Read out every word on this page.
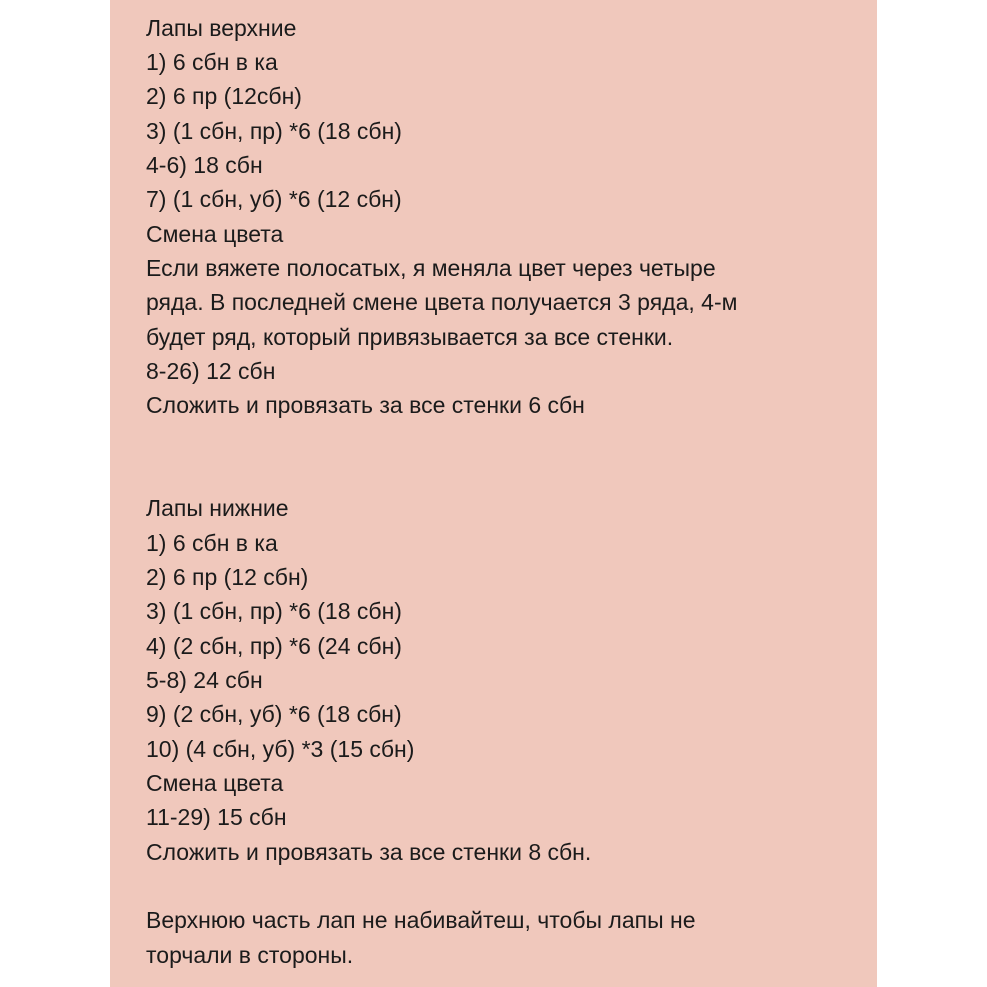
Лапы верхние
1) 6 сбн в ка
2) 6 пр (12сбн)
3) (1 сбн, пр) *6 (18 сбн)
4-6) 18 сбн
7) (1 сбн, уб) *6 (12 сбн)
Смена цвета
Если вяжете полосатых, я меняла цвет через четыре
ряда. В последней смене цвета получается 3 ряда, 4-м
будет ряд, который привязывается за все стенки.
8-26) 12 сбн
Сложить и провязать за все стенки 6 сбн
Лапы нижние
1) 6 сбн в ка
2) 6 пр (12 сбн)
3) (1 сбн, пр) *6 (18 сбн)
4) (2 сбн, пр) *6 (24 сбн)
5-8) 24 сбн
9) (2 сбн, уб) *6 (18 сбн)
10) (4 сбн, уб) *3 (15 сбн)
Смена цвета
11-29) 15 сбн
Сложить и провязать за все стенки 8 сбн.
Верхнюю часть лап не набивайтеш, чтобы лапы не
торчали в стороны.
